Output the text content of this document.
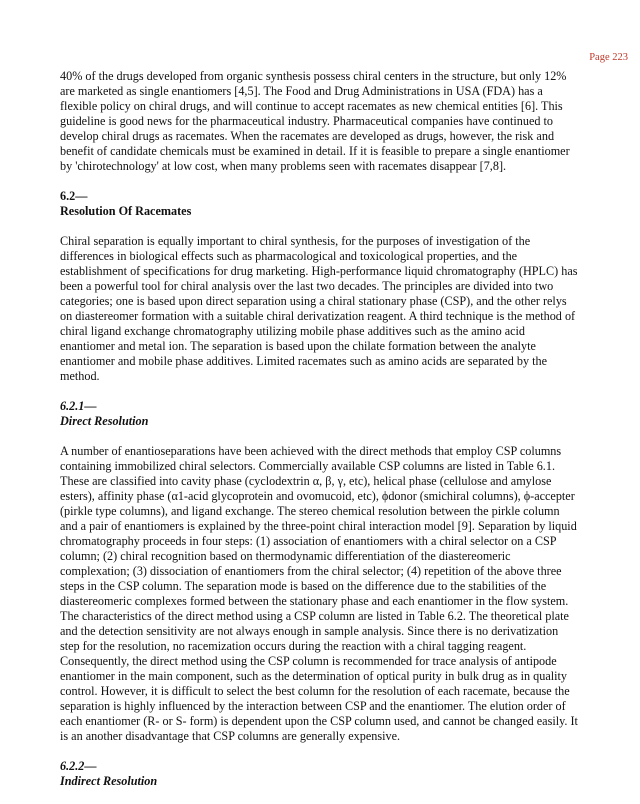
Page 223

40% of the drugs developed from organic synthesis possess chiral centers in the structure, but only 12% are marketed as single enantiomers [4,5]. The Food and Drug Administrations in USA (FDA) has a flexible policy on chiral drugs, and will continue to accept racemates as new chemical entities [6]. This guideline is good news for the pharmaceutical industry. Pharmaceutical companies have continued to develop chiral drugs as racemates. When the racemates are developed as drugs, however, the risk and benefit of candidate chemicals must be examined in detail. If it is feasible to prepare a single enantiomer by 'chirotechnology' at low cost, when many problems seen with racemates disappear [7,8].

6.2—
Resolution Of Racemates

Chiral separation is equally important to chiral synthesis, for the purposes of investigation of the differences in biological effects such as pharmacological and toxicological properties, and the establishment of specifications for drug marketing. High-performance liquid chromatography (HPLC) has been a powerful tool for chiral analysis over the last two decades. The principles are divided into two categories; one is based upon direct separation using a chiral stationary phase (CSP), and the other relys on diastereomer formation with a suitable chiral derivatization reagent. A third technique is the method of chiral ligand exchange chromatography utilizing mobile phase additives such as the amino acid enantiomer and metal ion. The separation is based upon the chilate formation between the analyte enantiomer and mobile phase additives. Limited racemates such as amino acids are separated by the method.

6.2.1—
Direct Resolution

A number of enantioseparations have been achieved with the direct methods that employ CSP columns containing immobilized chiral selectors. Commercially available CSP columns are listed in Table 6.1. These are classified into cavity phase (cyclodextrin α, β, γ, etc), helical phase (cellulose and amylose esters), affinity phase (α1-acid glycoprotein and ovomucoid, etc), ϕdonor (smichiral columns), ϕ-accepter (pirkle type columns), and ligand exchange. The stereo chemical resolution between the pirkle column and a pair of enantiomers is explained by the three-point chiral interaction model [9]. Separation by liquid chromatography proceeds in four steps: (1) association of enantiomers with a chiral selector on a CSP column; (2) chiral recognition based on thermodynamic differentiation of the diastereomeric complexation; (3) dissociation of enantiomers from the chiral selector; (4) repetition of the above three steps in the CSP column. The separation mode is based on the difference due to the stabilities of the diastereomeric complexes formed between the stationary phase and each enantiomer in the flow system. The characteristics of the direct method using a CSP column are listed in Table 6.2. The theoretical plate and the detection sensitivity are not always enough in sample analysis. Since there is no derivatization step for the resolution, no racemization occurs during the reaction with a chiral tagging reagent. Consequently, the direct method using the CSP column is recommended for trace analysis of antipode enantiomer in the main component, such as the determination of optical purity in bulk drug as in quality control. However, it is difficult to select the best column for the resolution of each racemate, because the separation is highly influenced by the interaction between CSP and the enantiomer. The elution order of each enantiomer (R- or S- form) is dependent upon the CSP column used, and cannot be changed easily. It is an another disadvantage that CSP columns are generally expensive.

6.2.2—
Indirect Resolution
